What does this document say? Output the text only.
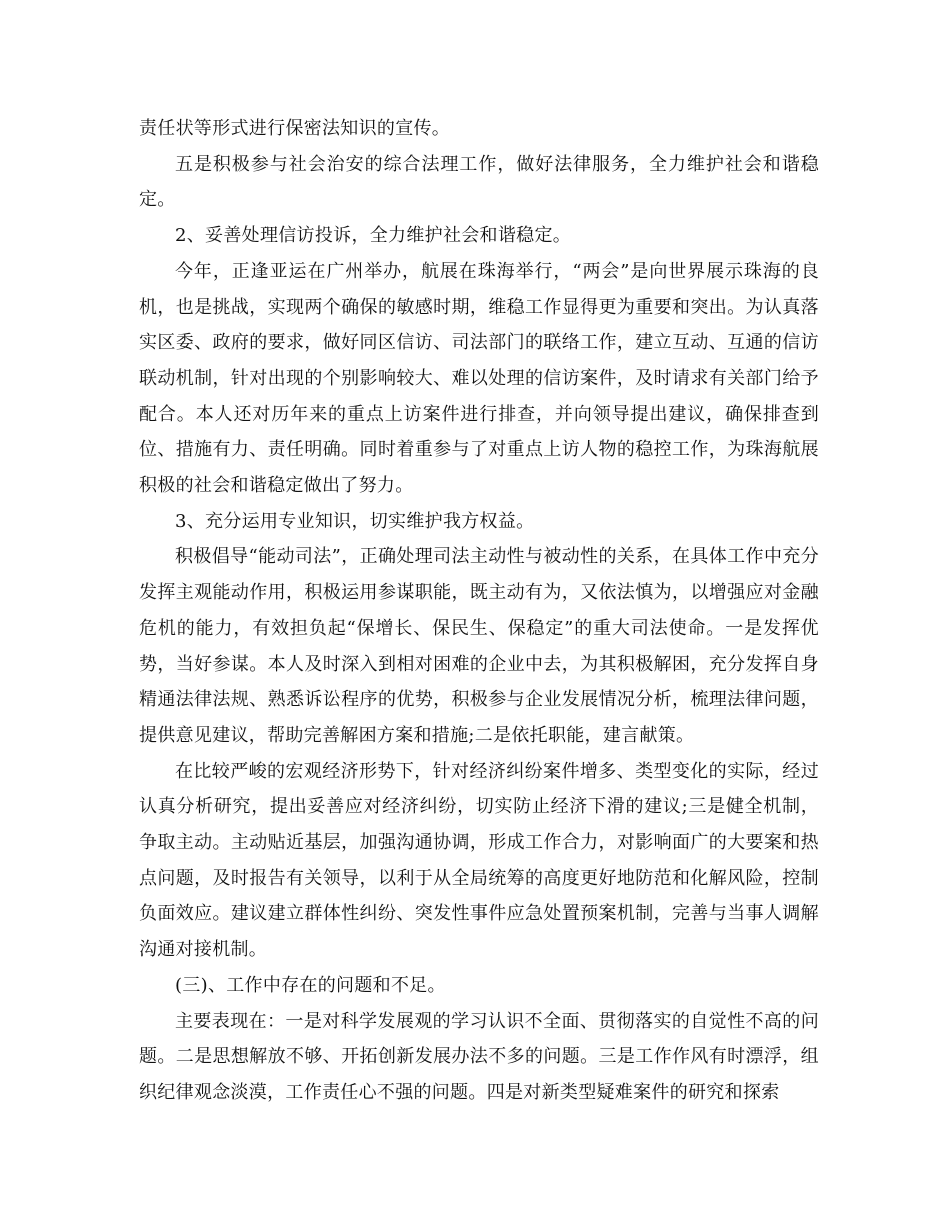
责任状等形式进行保密法知识的宣传。

五是积极参与社会治安的综合法理工作，做好法律服务，全力维护社会和谐稳定。

2、妥善处理信访投诉，全力维护社会和谐稳定。

今年，正逢亚运在广州举办，航展在珠海举行，“两会”是向世界展示珠海的良机，也是挑战，实现两个确保的敏感时期，维稳工作显得更为重要和突出。为认真落实区委、政府的要求，做好同区信访、司法部门的联络工作，建立互动、互通的信访联动机制，针对出现的个别影响较大、难以处理的信访案件，及时请求有关部门给予配合。本人还对历年来的重点上访案件进行排查，并向领导提出建议，确保排查到位、措施有力、责任明确。同时着重参与了对重点上访人物的稳控工作，为珠海航展积极的社会和谐稳定做出了努力。

3、充分运用专业知识，切实维护我方权益。

积极倡导“能动司法”，正确处理司法主动性与被动性的关系，在具体工作中充分发挥主观能动作用，积极运用参谋职能，既主动有为，又依法慎为，以增强应对金融危机的能力，有效担负起“保增长、保民生、保稳定”的重大司法使命。一是发挥优势，当好参谋。本人及时深入到相对困难的企业中去，为其积极解困，充分发挥自身精通法律法规、熟悉诉讼程序的优势，积极参与企业发展情况分析，梳理法律问题，提供意见建议，帮助完善解困方案和措施;二是依托职能，建言献策。

在比较严峻的宏观经济形势下，针对经济纠纷案件增多、类型变化的实际，经过认真分析研究，提出妥善应对经济纠纷，切实防止经济下滑的建议;三是健全机制，争取主动。主动贴近基层，加强沟通协调，形成工作合力，对影响面广的大要案和热点问题，及时报告有关领导，以利于从全局统筹的高度更好地防范和化解风险，控制负面效应。建议建立群体性纠纷、突发性事件应急处置预案机制，完善与当事人调解沟通对接机制。

(三)、工作中存在的问题和不足。

主要表现在：一是对科学发展观的学习认识不全面、贯彻落实的自觉性不高的问题。二是思想解放不够、开拓创新发展办法不多的问题。三是工作作风有时漂浮，组织纪律观念淡漠，工作责任心不强的问题。四是对新类型疑难案件的研究和探索
